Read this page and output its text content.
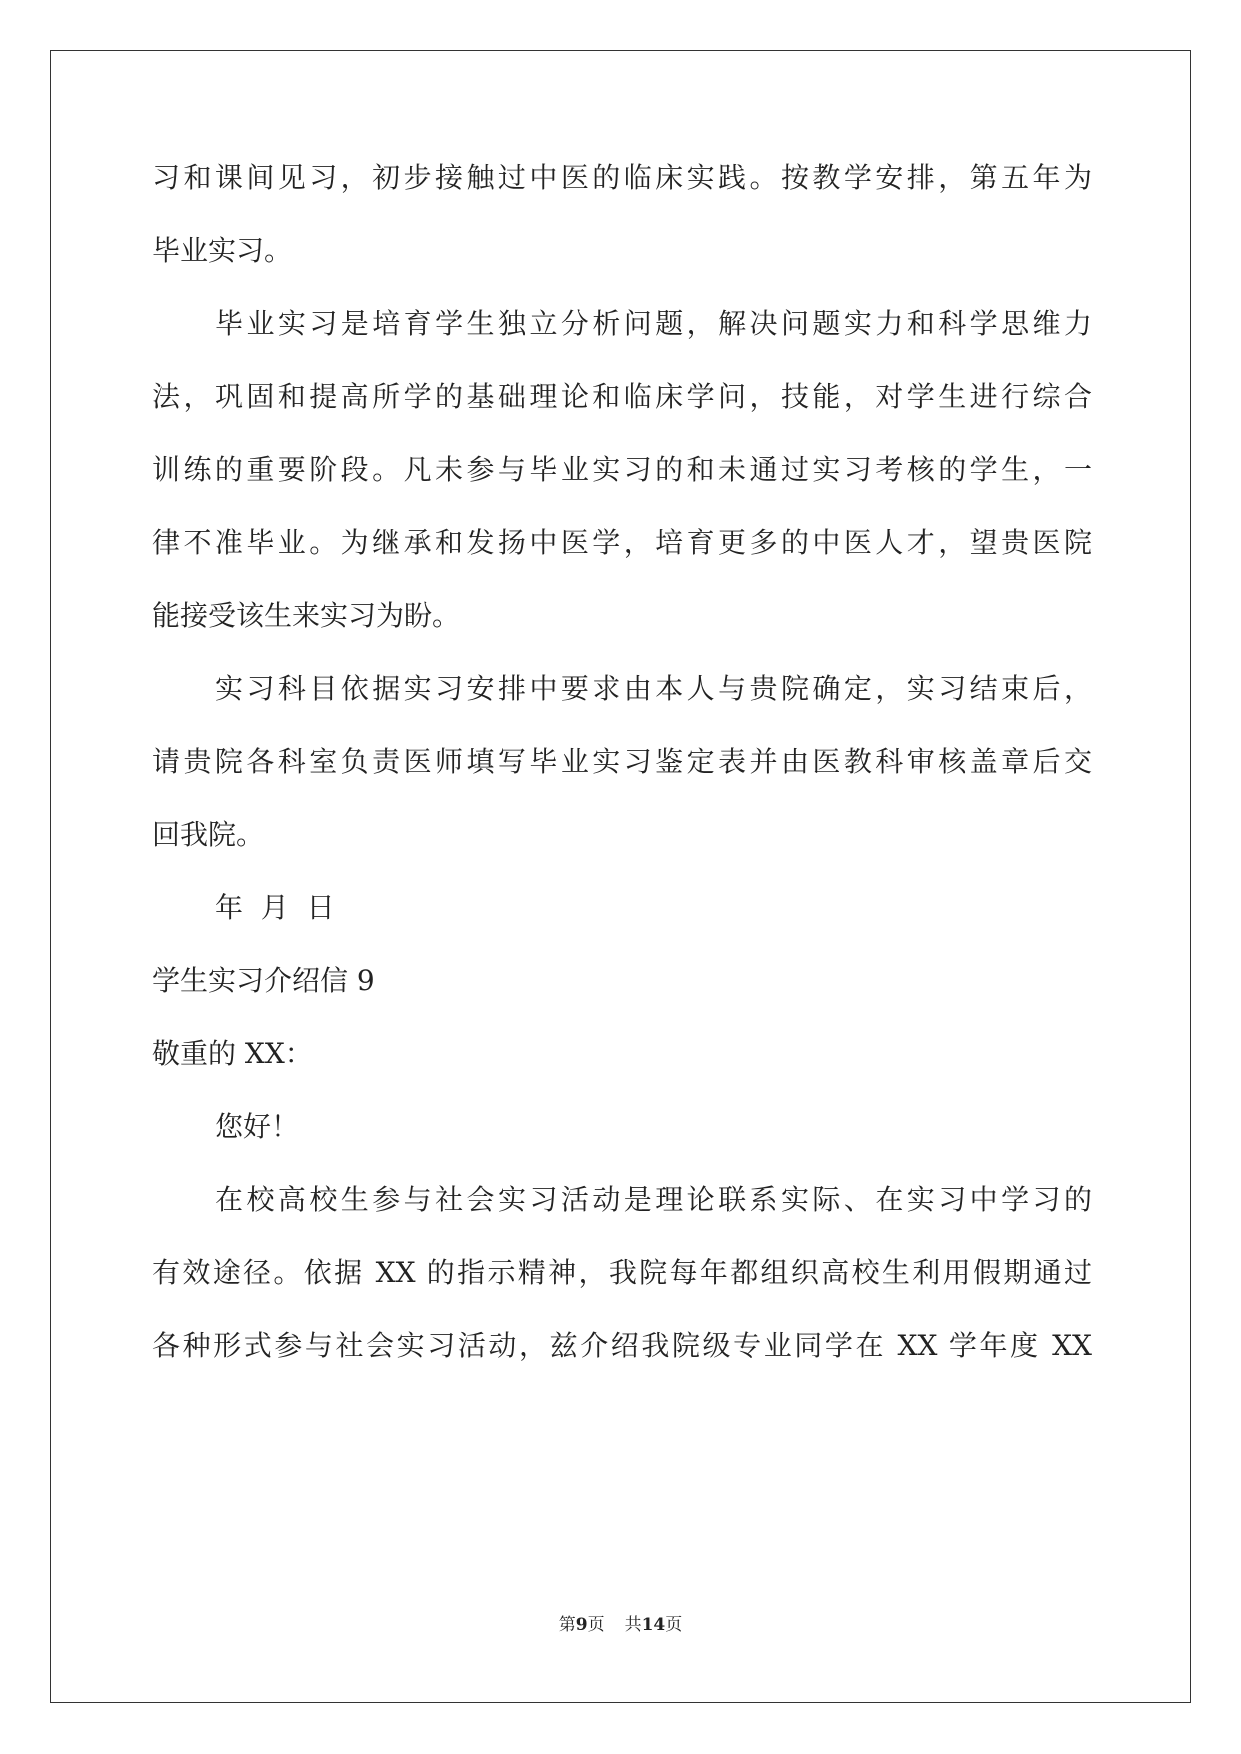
习和课间见习，初步接触过中医的临床实践。按教学安排，第五年为
毕业实习。
毕业实习是培育学生独立分析问题，解决问题实力和科学思维力
法，巩固和提高所学的基础理论和临床学问，技能，对学生进行综合
训练的重要阶段。凡未参与毕业实习的和未通过实习考核的学生，一
律不准毕业。为继承和发扬中医学，培育更多的中医人才，望贵医院
能接受该生来实习为盼。
实习科目依据实习安排中要求由本人与贵院确定，实习结束后，
请贵院各科室负责医师填写毕业实习鉴定表并由医教科审核盖章后交
回我院。
年  月  日
学生实习介绍信 9
敬重的 XX：
您好！
在校高校生参与社会实习活动是理论联系实际、在实习中学习的
有效途径。依据 XX 的指示精神，我院每年都组织高校生利用假期通过
各种形式参与社会实习活动，兹介绍我院级专业同学在 XX 学年度 XX
第9页 共14页
